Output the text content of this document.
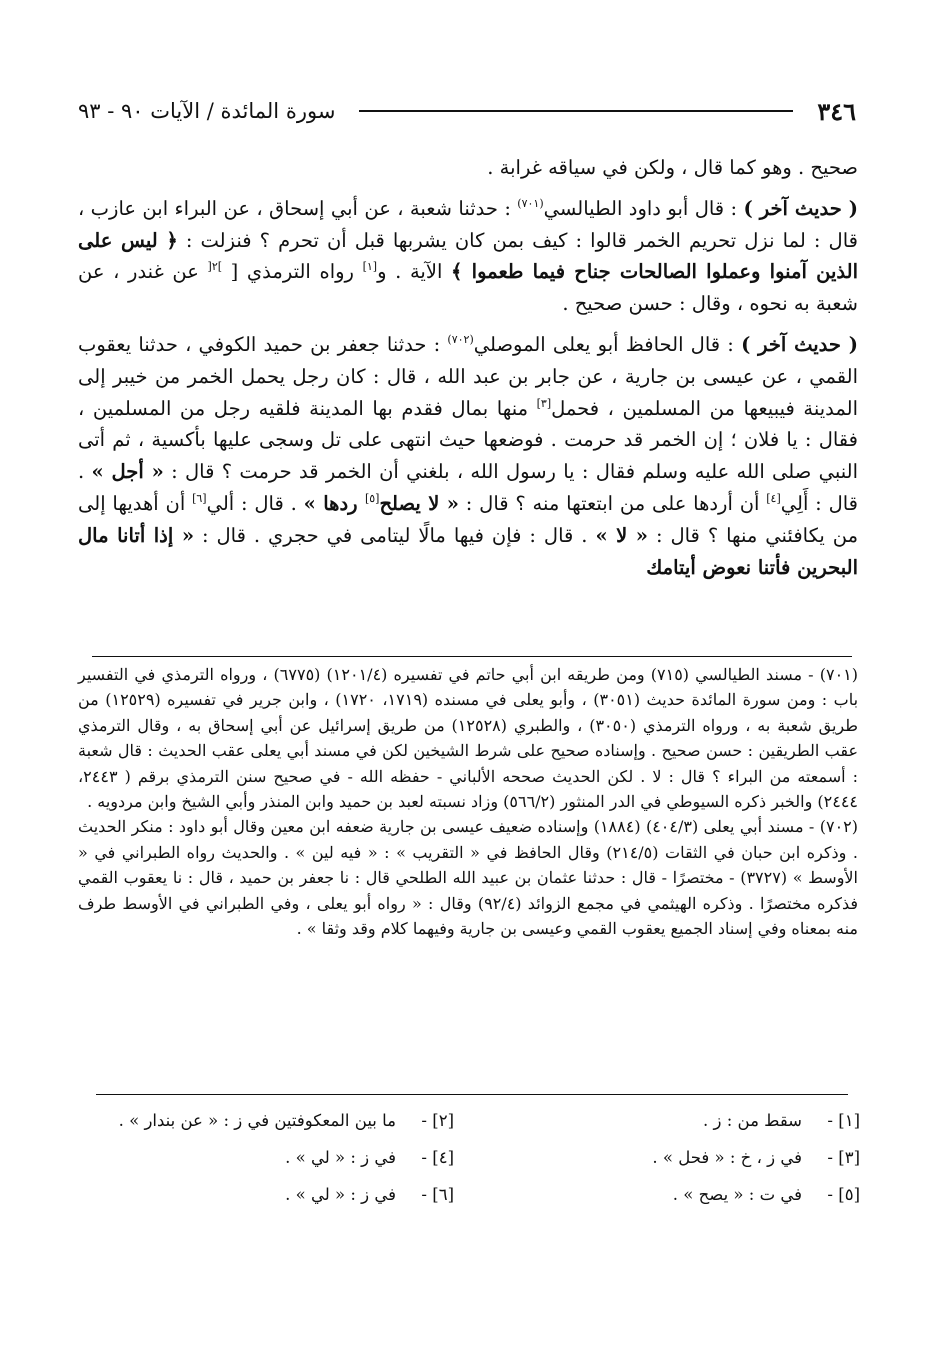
٣٤٦
سورة المائدة / الآيات ٩٠ - ٩٣

صحيح . وهو كما قال ، ولكن في سياقه غرابة .

( حديث آخر ) : قال أبو داود الطيالسي$^{(٧٠١)}$ : حدثنا شعبة ، عن أبي إسحاق ، عن البراء ابن عازب ، قال : لما نزل تحريم الخمر قالوا : كيف بمن كان يشربها قبل أن تحرم ؟ فنزلت : ﴿ ليس على الذين آمنوا وعملوا الصالحات جناح فيما طعموا ﴾ الآية . و[١] رواه الترمذي [ $^{]٢[}$ عن غندر ، عن شعبة به نحوه ، وقال : حسن صحيح .

( حديث آخر ) : قال الحافظ أبو يعلى الموصلي$^{(٧٠٢)}$ : حدثنا جعفر بن حميد الكوفي ، حدثنا يعقوب القمي ، عن عيسى بن جارية ، عن جابر بن عبد الله ، قال : كان رجل يحمل الخمر من خيبر إلى المدينة فيبيعها من المسلمين ، فحمل[٣] منها بمال فقدم بها المدينة فلقيه رجل من المسلمين ، فقال : يا فلان ؛ إن الخمر قد حرمت . فوضعها حيث انتهى على تل وسجى عليها بأكسية ، ثم أتى النبي صلى الله عليه وسلم فقال : يا رسول الله ، بلغني أن الخمر قد حرمت ؟ قال : « أجل » . قال : أَلِي[٤] أن أردها على من ابتعتها منه ؟ قال : « لا يصلح[٥] ردها » . قال : ألي[٦] أن أهديها إلى من يكافئني منها ؟ قال : « لا » . قال : فإن فيها مالًا ليتامى في حجري . قال : « إذا أتانا مال البحرين فأتنا نعوض أيتامك

(٧٠١) - مسند الطيالسي (٧١٥) ومن طريقه ابن أبي حاتم في تفسيره (١٢٠١/٤) (٦٧٧٥) ، ورواه الترمذي في التفسير باب : ومن سورة المائدة حديث (٣٠٥١) ، وأبو يعلى في مسنده (١٧١٩، ١٧٢٠) ، وابن جرير في تفسيره (١٢٥٢٩) من طريق شعبة به ، ورواه الترمذي (٣٠٥٠) ، والطبري (١٢٥٢٨) من طريق إسرائيل عن أبي إسحاق به ، وقال الترمذي عقب الطريقين : حسن صحيح . وإسناده صحيح على شرط الشيخين لكن في مسند أبي يعلى عقب الحديث : قال شعبة : أسمعته من البراء ؟ قال : لا . لكن الحديث صححه الألباني - حفظه الله - في صحيح سنن الترمذي برقم ( ٢٤٤٣، ٢٤٤٤) والخبر ذكره السيوطي في الدر المنثور (٥٦٦/٢) وزاد نسبته لعبد بن حميد وابن المنذر وأبي الشيخ وابن مردويه .

(٧٠٢) - مسند أبي يعلى (٤٠٤/٣) (١٨٨٤) وإسناده ضعيف عيسى بن جارية ضعفه ابن معين وقال أبو داود : منكر الحديث . وذكره ابن حبان في الثقات (٢١٤/٥) وقال الحافظ في « التقريب » : « فيه لين » . والحديث رواه الطبراني في « الأوسط » (٣٧٢٧) - مختصرًا - قال : حدثنا عثمان بن عبيد الله الطلحي قال : نا جعفر بن حميد ، قال : نا يعقوب القمي فذكره مختصرًا . وذكره الهيثمي في مجمع الزوائد (٩٢/٤) وقال : « رواه أبو يعلى ، وفي الطبراني في الأوسط طرف منه بمعناه وفي إسناد الجميع يعقوب القمي وعيسى بن جارية وفيهما كلام وقد وثقا » .

[١] -سقط من : ز .
[٢] -ما بين المعكوفتين في ز : « عن بندار » .
[٣] -في ز ، خ : « فحل » .
[٤] -في ز : « لي » .
[٥] -في ت : « يصح » .
[٦] -في ز : « لي » .
